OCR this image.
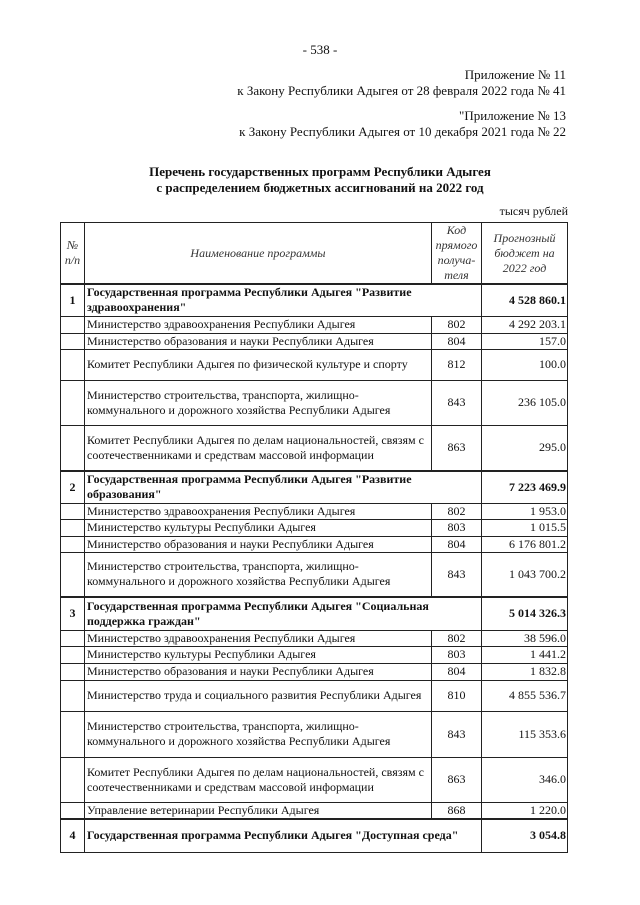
- 538 -
Приложение № 11
к Закону Республики Адыгея от 28 февраля 2022 года № 41
"Приложение № 13
к Закону Республики Адыгея от 10 декабря 2021 года № 22
Перечень государственных программ Республики Адыгея
с распределением бюджетных ассигнований на 2022 год
тысяч рублей
№ п/п	Наименование программы	Код прямого получа-теля	Прогнозный бюджет на 2022 год
1	Государственная программа Республики Адыгея "Развитие здравоохранения"		4 528 860.1
	Министерство здравоохранения Республики Адыгея	802	4 292 203.1
	Министерство образования и науки Республики Адыгея	804	157.0
	Комитет Республики Адыгея по физической культуре и спорту	812	100.0
	Министерство строительства, транспорта, жилищно-коммунального и дорожного хозяйства Республики Адыгея	843	236 105.0
	Комитет Республики Адыгея по делам национальностей, связям с соотечественниками и средствам массовой информации	863	295.0
2	Государственная программа Республики Адыгея "Развитие образования"		7 223 469.9
	Министерство здравоохранения Республики Адыгея	802	1 953.0
	Министерство культуры Республики Адыгея	803	1 015.5
	Министерство образования и науки Республики Адыгея	804	6 176 801.2
	Министерство строительства, транспорта, жилищно-коммунального и дорожного хозяйства Республики Адыгея	843	1 043 700.2
3	Государственная программа Республики Адыгея "Социальная поддержка граждан"		5 014 326.3
	Министерство здравоохранения Республики Адыгея	802	38 596.0
	Министерство культуры Республики Адыгея	803	1 441.2
	Министерство образования и науки Республики Адыгея	804	1 832.8
	Министерство труда и социального развития Республики Адыгея	810	4 855 536.7
	Министерство строительства, транспорта, жилищно-коммунального и дорожного хозяйства Республики Адыгея	843	115 353.6
	Комитет Республики Адыгея по делам национальностей, связям с соотечественниками и средствам массовой информации	863	346.0
	Управление ветеринарии Республики Адыгея	868	1 220.0
4	Государственная программа Республики Адыгея "Доступная среда"		3 054.8
